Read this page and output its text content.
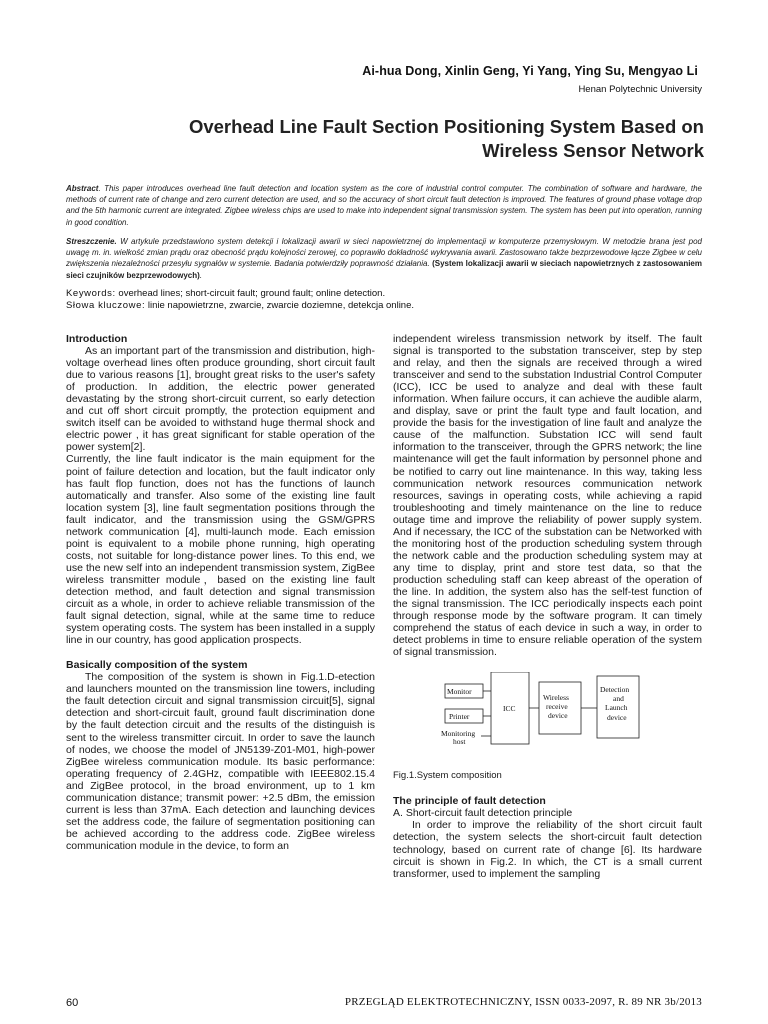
Ai-hua Dong, Xinlin Geng, Yi Yang, Ying Su, Mengyao Li
Henan Polytechnic University
Overhead Line Fault Section Positioning System Based on
Wireless Sensor Network
Abstract. This paper introduces overhead line fault detection and location system as the core of industrial control computer. The combination of software and hardware, the methods of current rate of change and zero current detection are used, and so the accuracy of short circuit fault detection is improved. The features of ground phase voltage drop and the 5th harmonic current are integrated. Zigbee wireless chips are used to make into independent signal transmission system. The system has been put into operation, running in good condition.
Streszczenie. W artykule przedstawiono system detekcji i lokalizacji awarii w sieci napowietrznej do implementacji w komputerze przemysłowym. W metodzie brana jest pod uwagę m. in. wielkość zmian prądu oraz obecność prądu kolejności zerowej, co poprawiło dokładność wykrywania awarii. Zastosowano także bezprzewodowe łącze Zigbee w celu zwiększenia niezależności przesyłu sygnałów w systemie. Badania potwierdziły poprawność działania. (System lokalizacji awarii w sieciach napowietrznych z zastosowaniem sieci czujników bezprzewodowych).
Keywords: overhead lines; short-circuit fault; ground fault; online detection.
Słowa kluczowe: linie napowietrzne, zwarcie, zwarcie doziemne, detekcja online.
Introduction

As an important part of the transmission and distribution, high-voltage overhead lines often produce grounding, short circuit fault due to various reasons [1], brought great risks to the user's safety of production. In addition, the electric power generated devastating by the strong short-circuit current, so early detection and cut off short circuit promptly, the protection equipment and switch itself can be avoided to withstand huge thermal shock and electric power , it has great significant for stable operation of the power system[2].

Currently, the line fault indicator is the main equipment for the point of failure detection and location, but the fault indicator only has fault flop function, does not has the functions of launch automatically and transfer. Also some of the existing line fault location system [3], line fault segmentation positions through the fault indicator, and the transmission using the GSM/GPRS network communication [4], multi-launch mode. Each emission point is equivalent to a mobile phone running, high operating costs, not suitable for long-distance power lines. To this end, we use the new self into an independent transmission system, ZigBee wireless transmitter module，based on the existing line fault detection method, and fault detection and signal transmission circuit as a whole, in order to achieve reliable transmission of the fault signal detection, signal, while at the same time to reduce system operating costs. The system has been installed in a supply line in our country, has good application prospects.

Basically composition of the system

The composition of the system is shown in Fig.1.D-etection and launchers mounted on the transmission line towers, including the fault detection circuit and signal transmission circuit[5], signal detection and short-circuit fault, ground fault discrimination done by the fault detection circuit and the results of the distinguish is sent to the wireless transmitter circuit. In order to save the launch of nodes, we choose the model of JN5139-Z01-M01, high-power ZigBee wireless communication module. Its basic performance: operating frequency of 2.4GHz, compatible with IEEE802.15.4 and ZigBee protocol, in the broad environment, up to 1 km communication distance; transmit power: +2.5 dBm, the emission current is less than 37mA. Each detection and launching devices set the address code, the failure of segmentation positioning can be achieved according to the address code. ZigBee wireless communication module in the device, to form an

independent wireless transmission network by itself. The fault signal is transported to the substation transceiver, step by step and relay, and then the signals are received through a wired transceiver and send to the substation Industrial Control Computer (ICC), ICC be used to analyze and deal with these fault information. When failure occurs, it can achieve the audible alarm, and display, save or print the fault type and fault location, and provide the basis for the investigation of line fault and analyze the cause of the malfunction. Substation ICC will send fault information to the transceiver, through the GPRS network; the line maintenance will get the fault information by personnel phone and be notified to carry out line maintenance. In this way, taking less communication network resources communication network resources, savings in operating costs, while achieving a rapid troubleshooting and timely maintenance on the line to reduce outage time and improve the reliability of power supply system. And if necessary, the ICC of the substation can be Networked with the monitoring host of the production scheduling system through the network cable and the production scheduling system may at any time to display, print and store test data, so that the production scheduling staff can keep abreast of the operation of the line. In addition, the system also has the self-test function of the signal transmission. The ICC periodically inspects each point through response mode by the software program. It can timely comprehend the status of each device in such a way, in order to detect problems in time to ensure reliable operation of the system of signal transmission.

Monitor
Printer
Monitoring
host
ICC
Wireless
receive
device
Detection
and
Launch
device

Fig.1.System composition

The principle of fault detection

A. Short-circuit fault detection principle

In order to improve the reliability of the short circuit fault detection, the system selects the short-circuit fault detection technology, based on current rate of change [6]. Its hardware circuit is shown in Fig.2. In which, the CT is a small current transformer, used to implement the sampling

60	PRZEGLĄD ELEKTROTECHNICZNY, ISSN 0033-2097, R. 89 NR 3b/2013
